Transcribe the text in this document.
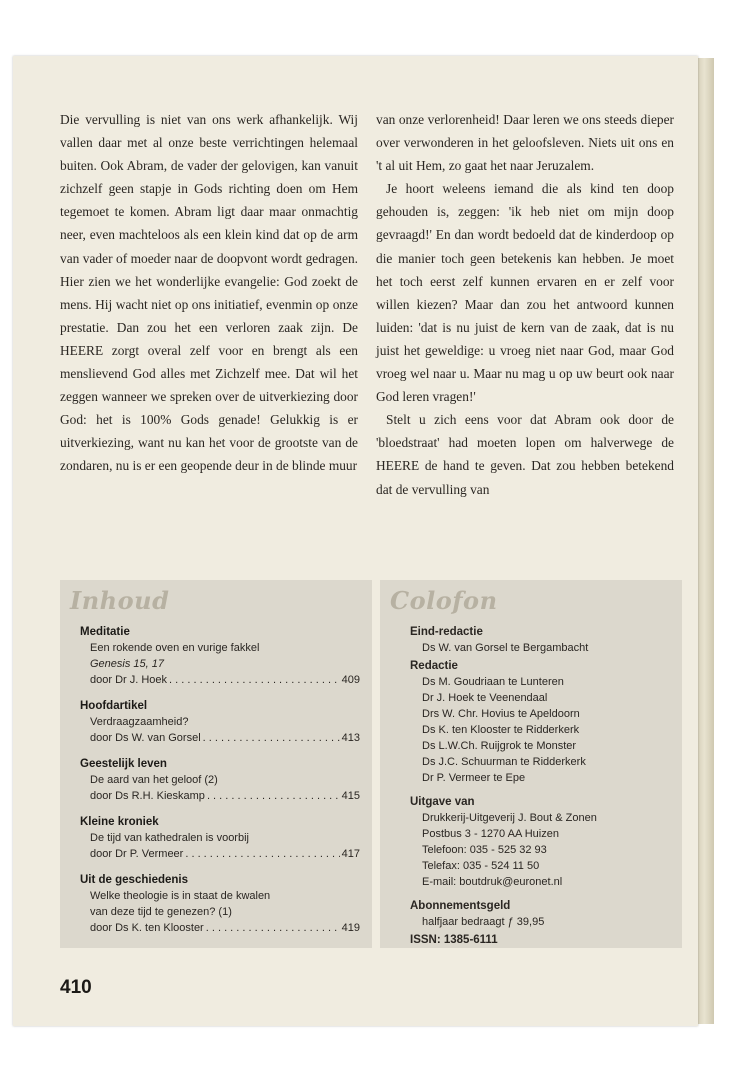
Die vervulling is niet van ons werk afhankelijk. Wij vallen daar met al onze beste verrichtingen helemaal buiten. Ook Abram, de vader der gelovigen, kan vanuit zichzelf geen stapje in Gods richting doen om Hem tegemoet te komen. Abram ligt daar maar onmachtig neer, even machteloos als een klein kind dat op de arm van vader of moeder naar de doopvont wordt gedragen. Hier zien we het wonderlijke evangelie: God zoekt de mens. Hij wacht niet op ons initiatief, evenmin op onze prestatie. Dan zou het een verloren zaak zijn. De HEERE zorgt overal zelf voor en brengt als een menslievend God alles met Zichzelf mee. Dat wil het zeggen wanneer we spreken over de uitverkiezing door God: het is 100% Gods genade! Gelukkig is er uitverkiezing, want nu kan het voor de grootste van de zondaren, nu is er een geopende deur in de blinde muur

van onze verlorenheid! Daar leren we ons steeds dieper over verwonderen in het geloofsleven. Niets uit ons en 't al uit Hem, zo gaat het naar Jeruzalem.

Je hoort weleens iemand die als kind ten doop gehouden is, zeggen: 'ik heb niet om mijn doop gevraagd!' En dan wordt bedoeld dat de kinderdoop op die manier toch geen betekenis kan hebben. Je moet het toch eerst zelf kunnen ervaren en er zelf voor willen kiezen? Maar dan zou het antwoord kunnen luiden: 'dat is nu juist de kern van de zaak, dat is nu juist het geweldige: u vroeg niet naar God, maar God vroeg wel naar u. Maar nu mag u op uw beurt ook naar God leren vragen!'

Stelt u zich eens voor dat Abram ook door de 'bloedstraat' had moeten lopen om halverwege de HEERE de hand te geven. Dat zou hebben betekend dat de vervulling van

Inhoud
Meditatie
Een rokende oven en vurige fakkel
Genesis 15, 17
door Dr J. Hoek . . .	409
Hoofdartikel
Verdraagzaamheid?
door Ds W. van Gorsel . . .	413
Geestelijk leven
De aard van het geloof (2)
door Ds R.H. Kieskamp . . .	415
Kleine kroniek
De tijd van kathedralen is voorbij
door Dr P. Vermeer . . .	417
Uit de geschiedenis
Welke theologie is in staat de kwalen
van deze tijd te genezen? (1)
door Ds K. ten Klooster . . .	419
Colofon
Eind-redactie
Ds W. van Gorsel te Bergambacht
Redactie
Ds M. Goudriaan te Lunteren
Dr J. Hoek te Veenendaal
Drs W. Chr. Hovius te Apeldoorn
Ds K. ten Klooster te Ridderkerk
Ds L.W.Ch. Ruijgrok te Monster
Ds J.C. Schuurman te Ridderkerk
Dr P. Vermeer te Epe
Uitgave van
Drukkerij-Uitgeverij J. Bout & Zonen
Postbus 3 - 1270 AA Huizen
Telefoon: 035 - 525 32 93
Telefax: 035 - 524 11 50
E-mail: boutdruk@euronet.nl
Abonnementsgeld
halfjaar bedraagt ƒ 39,95
ISSN: 1385-6111
410
